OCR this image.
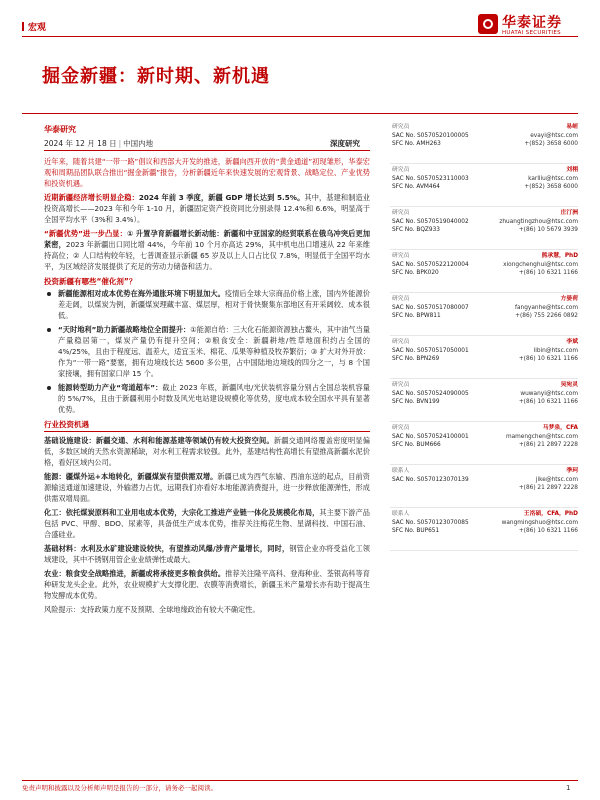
宏观	华泰证券
HUATAI SECURITIES
掘金新疆：新时期、新机遇
华泰研究
2024 年 12 月 18 日 | 中国内地	深度研究

近年来，随着共建“一带一路”倡议和西部大开发的推进，新疆向西开放的“黄金通道”初现雏形，华泰宏观和周期品团队联合推出“掘金新疆”报告，分析新疆近年来快速发展的宏观背景、战略定位、产业优势和投资机遇。

近期新疆经济增长明显企稳：2024 年前 3 季度，新疆 GDP 增长达到 5.5%。其中，基建和制造业投资高增长——2023 年和今年 1-10 月，新疆固定资产投资同比分别录得 12.4%和 6.6%，明显高于全国平均水平（3%和 3.4%）。

“新疆优势”进一步凸显：① 升置孕育新疆增长新动能：新疆和中亚国家的经贸联系在俄乌冲突后更加紧密，2023 年新疆出口同比增 44%，今年前 10 个月亦高达 29%，其中机电出口增速从 22 年来维持高位；② 人口结构较年轻，七普调查显示新疆 65 岁及以上人口占比仅 7.8%，明显低于全国平均水平，为区域经济发展提供了充足的劳动力储备和活力。

投资新疆有哪些“催化剂”？

新疆能源相对成本优势在海外通胀环境下明显加大。疫情后全球大宗商品价格上涨，国内外能源价差走阔，以煤炭为例，新疆煤炭理藏丰富、煤层厚，相对于骨快聚集东部地区有开采阔较、成本很低。

“天时地利”助力新疆战略地位全面提升：①能源自给：三大化石能源资源独占鳌头，其中油气当量产量稳居第一，煤炭产量仍有提升空间；②粮食安全：新疆耕地/牲草地面积约占全国的 4%/25%，且由于程度远、温差大，适宜玉米、棉花、瓜果等种植及牧养繁衍；③ 扩大对外开放：作为“一带一路”要塞，拥有边境线长达 5600 多公里，占中国陆地边境线的四分之一，与 8 个国家接壤，拥有国家口岸 15 个。

能源转型助力产业“弯道超车”：截止 2023 年底，新疆风电/光伏装机容量分别占全国总装机容量的 5%/7%，且由于新疆利用小时数及风光电站建设规模化等优势，度电成本较全国水平具有显著优势。

行业投资机遇

基础设施建设：新疆交通、水利和能源基建等领域仍有较大投资空间。新疆交通网络覆盖密度明显偏低，多数区域的天然水资源稀缺，对水利工程需求较强。此外，基建结构性高增长有望推高新疆水泥价格，看好区域内公司。

能源：疆煤外运+本地转化，新疆煤炭有望供需双增。新疆已成为西气东输、西油东送的起点，目前资源输送通道加速建设，外输潜力占优，远期我们亦看好本地能源消费提升，进一步释放能源弹性，形成供需双增局面。

化工：依托煤炭原料和工业用电成本优势，大宗化工推进产业链一体化及规模化布局，其主要下游产品包括 PVC、甲醇、BDO、尿素等，具备低生产成本优势，推荐关注梅花生物、星湖科技、中国石油、合盛硅业。

基础材料：水利及水矿建设建设较快，有望推动风爆/涉青产量增长，同时，钢管企业亦将受益化工领域建设，其中不锈钢用管企业业绩弹性或最大。

农业：粮食安全战略推进，新疆或将承接更多粮食供给。推荐关注隆平高科、登海种业、荃银高科等育种研发龙头企业。此外，农业规模扩大支撑化肥、农膜等消费增长，新疆玉米产量增长亦有助于提高生物发酵成本优势。

风险提示：支持政策力度不及预期、全球地缘政治有较大不确定性。

研究员	易峘
SAC No. S0570520100005
SFC No. AMH263
evayi@htsc.com
+(852) 3658 6000
研究员	刘栩
SAC No. S0570523110003
SFC No. AVM464
karlliu@htsc.com
+(852) 3658 6000
研究员	庄汀洲
SAC No. S0570519040002
SFC No. BQZ933
zhuangtingzhou@htsc.com
+(86) 10 5679 3939
研究员	熊承慧，PhD
SAC No. S0570522120004
SFC No. BPK020
xiongchenghui@htsc.com
+(86) 10 6321 1166
研究员	方晏荷
SAC No. S0570517080007
SFC No. BPW811
fangyanhe@htsc.com
+(86) 755 2266 0892
研究员	李斌
SAC No. S0570517050001
SFC No. BPN269
libin@htsc.com
+(86) 10 6321 1166
研究员	吴宛灵
SAC No. S0570524090005
SFC No. BVN199
wuwanyi@htsc.com
+(86) 10 6321 1166
研究员	马梦泉，CFA
SAC No. S0570524100001
SFC No. BUM666
mamengchen@htsc.com
+(86) 21 2897 2228
联系人	季珂
SAC No. S0570123070139	jike@htsc.com
+(86) 21 2897 2228
联系人	王洺硕，CFA，PhD
SAC No. S0570123070085
SFC No. BUP651
wangmingshuo@htsc.com
+(86) 10 6321 1166
免责声明和披露以及分析师声明是报告的一部分，请务必一起阅读。	1
